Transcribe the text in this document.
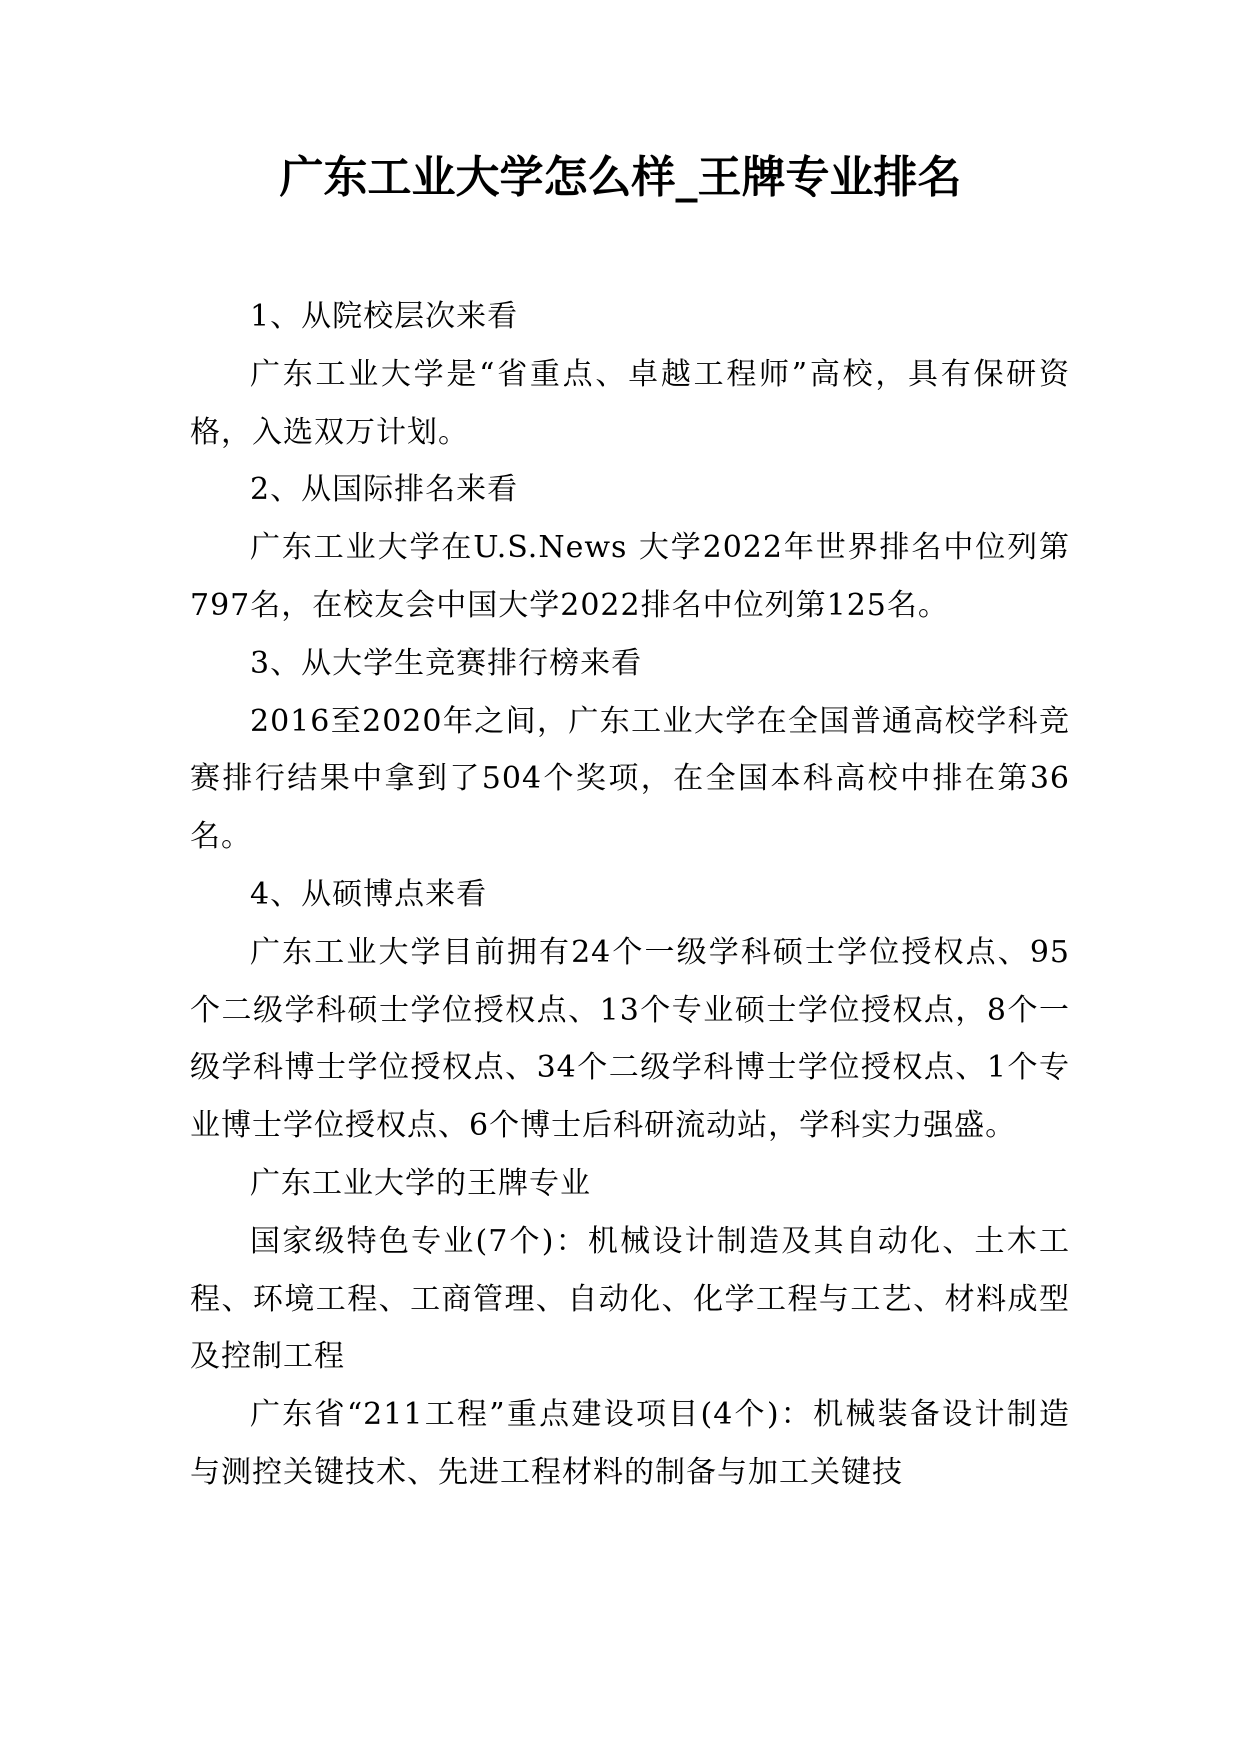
广东工业大学怎么样_王牌专业排名

1、从院校层次来看

广东工业大学是“省重点、卓越工程师”高校，具有保研资格，入选双万计划。

2、从国际排名来看

广东工业大学在U.S.News 大学2022年世界排名中位列第797名，在校友会中国大学2022排名中位列第125名。

3、从大学生竞赛排行榜来看

2016至2020年之间，广东工业大学在全国普通高校学科竞赛排行结果中拿到了504个奖项，在全国本科高校中排在第36名。

4、从硕博点来看

广东工业大学目前拥有24个一级学科硕士学位授权点、95个二级学科硕士学位授权点、13个专业硕士学位授权点，8个一级学科博士学位授权点、34个二级学科博士学位授权点、1个专业博士学位授权点、6个博士后科研流动站，学科实力强盛。

广东工业大学的王牌专业

国家级特色专业(7个)：机械设计制造及其自动化、土木工程、环境工程、工商管理、自动化、化学工程与工艺、材料成型及控制工程

广东省“211工程”重点建设项目(4个)：机械装备设计制造与测控关键技术、先进工程材料的制备与加工关键技
